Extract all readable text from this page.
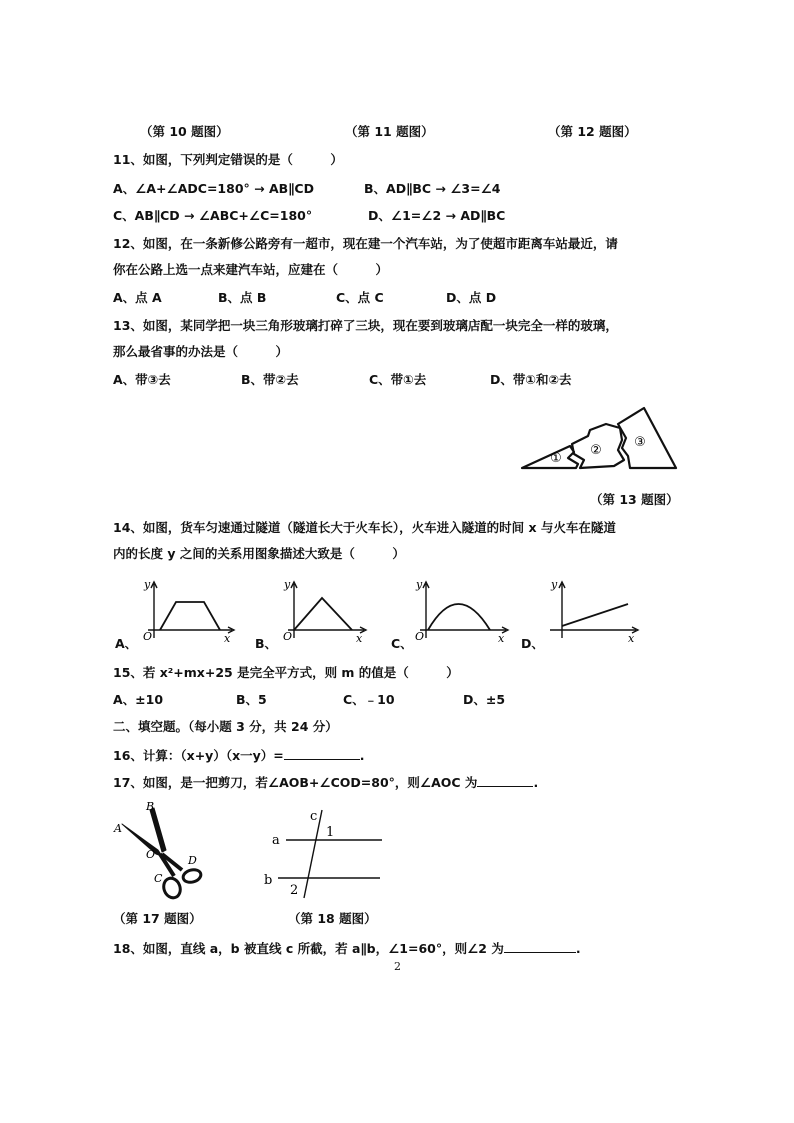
（第 10 题图）	（第 11 题图）	（第 12 题图）
11、如图，下列判定错误的是（　　　）
A、∠A+∠ADC=180° → AB∥CD	B、AD∥BC → ∠3=∠4
C、AB∥CD → ∠ABC+∠C=180°	D、∠1=∠2 → AD∥BC
12、如图，在一条新修公路旁有一超市，现在建一个汽车站，为了使超市距离车站最近，请
你在公路上选一点来建汽车站，应建在（　　　）
A、点 A	B、点 B	C、点 C	D、点 D
13、如图，某同学把一块三角形玻璃打碎了三块，现在要到玻璃店配一块完全一样的玻璃，
那么最省事的办法是（　　　）
A、带③去	B、带②去	C、带①去	D、带①和②去
①
②
③
（第 13 题图）
14、如图，货车匀速通过隧道（隧道长大于火车长），火车进入隧道的时间 x 与火车在隧道
内的长度 y 之间的关系用图象描述大致是（　　　）
y
x
O
A、
y
x
O
B、
y
x
O
C、
y
x
D、
15、若 x²+mx+25 是完全平方式，则 m 的值是（　　　）
A、±10	B、5	C、﹣10	D、±5
二、填空题。（每小题 3 分，共 24 分）
16、计算：（x+y）（x一y）=	.
17、如图，是一把剪刀，若∠AOB+∠COD=80°，则∠AOC 为	.
A
B
O
C
D
（第 17 题图）
c
1
a
b
2
（第 18 题图）
18、如图，直线 a，b 被直线 c 所截，若 a∥b，∠1=60°，则∠2 为	.
2
